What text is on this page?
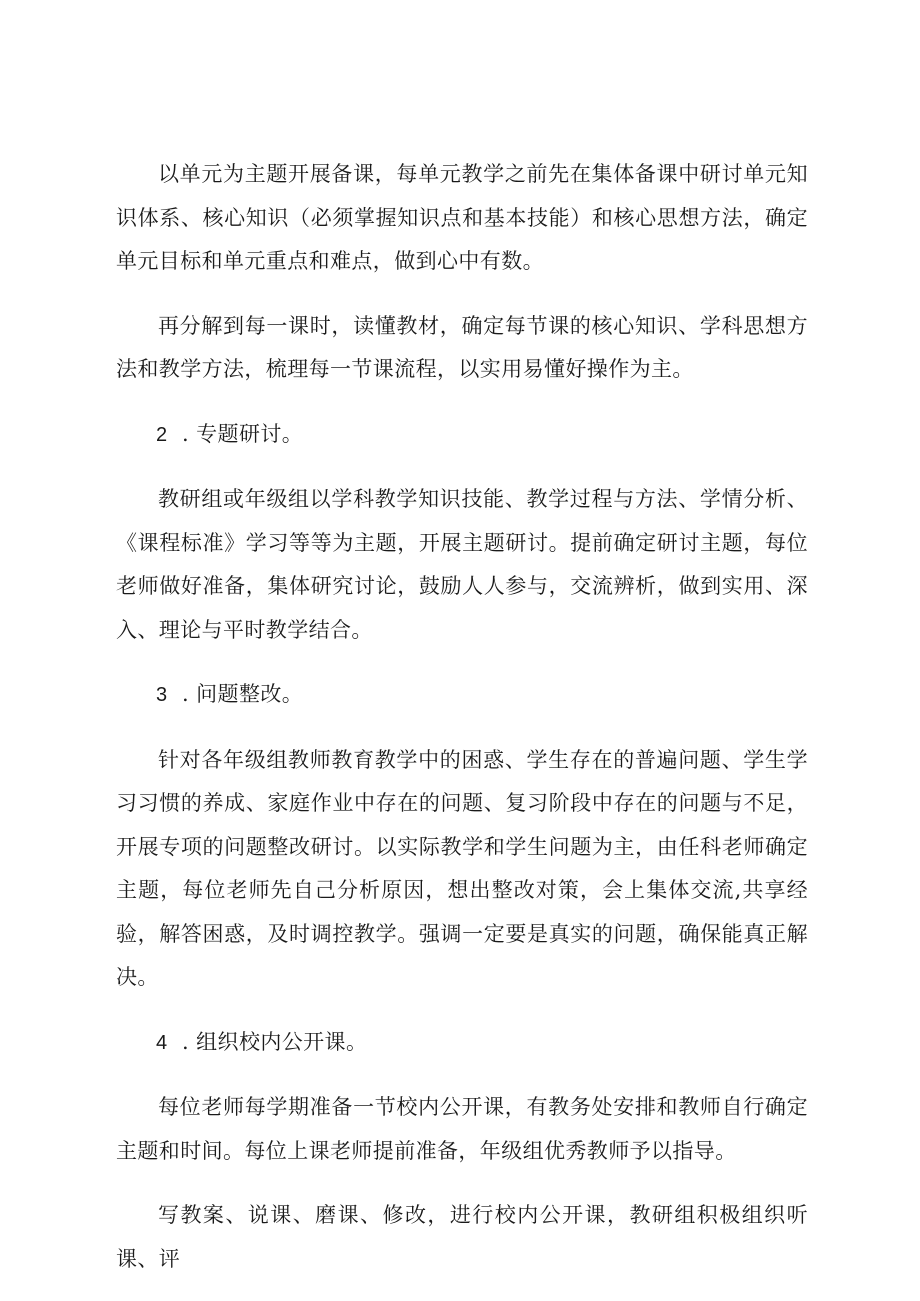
以单元为主题开展备课，每单元教学之前先在集体备课中研讨单元知识体系、核心知识（必须掌握知识点和基本技能）和核心思想方法，确定单元目标和单元重点和难点，做到心中有数。

再分解到每一课时，读懂教材，确定每节课的核心知识、学科思想方法和教学方法，梳理每一节课流程，以实用易懂好操作为主。

2 . 专题研讨。

教研组或年级组以学科教学知识技能、教学过程与方法、学情分析、《课程标准》学习等等为主题，开展主题研讨。提前确定研讨主题，每位老师做好准备，集体研究讨论，鼓励人人参与，交流辨析，做到实用、深入、理论与平时教学结合。

3 . 问题整改。

针对各年级组教师教育教学中的困惑、学生存在的普遍问题、学生学习习惯的养成、家庭作业中存在的问题、复习阶段中存在的问题与不足，开展专项的问题整改研讨。以实际教学和学生问题为主，由任科老师确定主题，每位老师先自己分析原因，想出整改对策，会上集体交流,共享经验，解答困惑，及时调控教学。强调一定要是真实的问题，确保能真正解决。

4 . 组织校内公开课。

每位老师每学期准备一节校内公开课，有教务处安排和教师自行确定主题和时间。每位上课老师提前准备，年级组优秀教师予以指导。

写教案、说课、磨课、修改，进行校内公开课，教研组积极组织听课、评
